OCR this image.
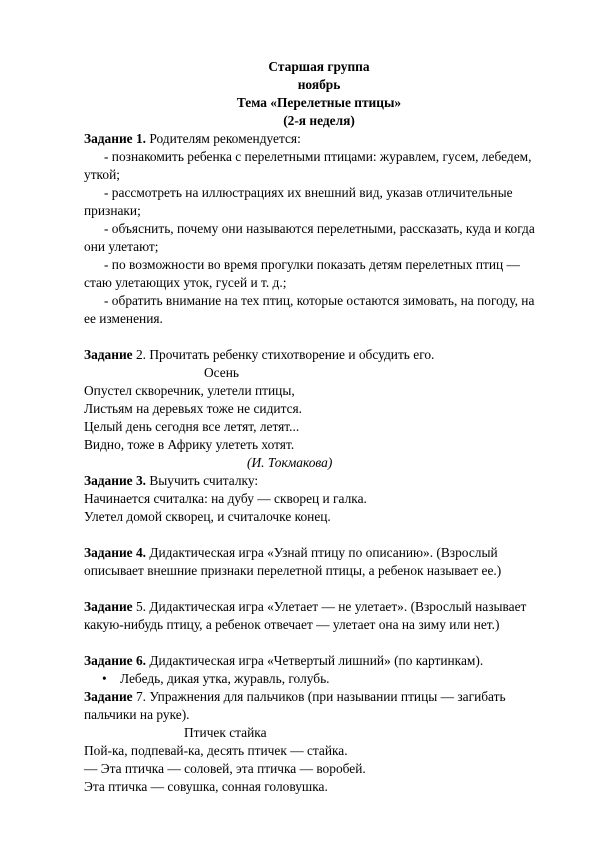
Старшая группа
ноябрь
Тема «Перелетные птицы»
(2-я неделя)
Задание 1. Родителям рекомендуется:
- познакомить ребенка с перелетными птицами: журавлем, гусем, лебедем,
уткой;
- рассмотреть на иллюстрациях их внешний вид, указав отличительные
признаки;
- объяснить, почему они называются перелетными, рассказать, куда и когда
они улетают;
- по возможности во время прогулки показать детям перелетных птиц —
стаю улетающих уток, гусей и т. д.;
- обратить внимание на тех птиц, которые остаются зимовать, на погоду, на
ее изменения.
Задание 2. Прочитать ребенку стихотворение и обсудить его.
Осень
Опустел скворечник, улетели птицы,
Листьям на деревьях тоже не сидится.
Целый день сегодня все летят, летят...
Видно, тоже в Африку улететь хотят.
(И. Токмакова)
Задание 3. Выучить считалку:
Начинается считалка: на дубу — скворец и галка.
Улетел домой скворец, и считалочке конец.
Задание 4. Дидактическая игра «Узнай птицу по описанию». (Взрослый
описывает внешние признаки перелетной птицы, а ребенок называет ее.)
Задание 5. Дидактическая игра «Улетает — не улетает». (Взрослый называет
какую-нибудь птицу, а ребенок отвечает — улетает она на зиму или нет.)
Задание 6. Дидактическая игра «Четвертый лишний» (по картинкам).
• Лебедь, дикая утка, журавль, голубь.
Задание 7. Упражнения для пальчиков (при назывании птицы — загибать
пальчики на руке).
Птичек стайка
Пой-ка, подпевай-ка, десять птичек — стайка.
— Эта птичка — соловей, эта птичка — воробей.
Эта птичка — совушка, сонная головушка.
